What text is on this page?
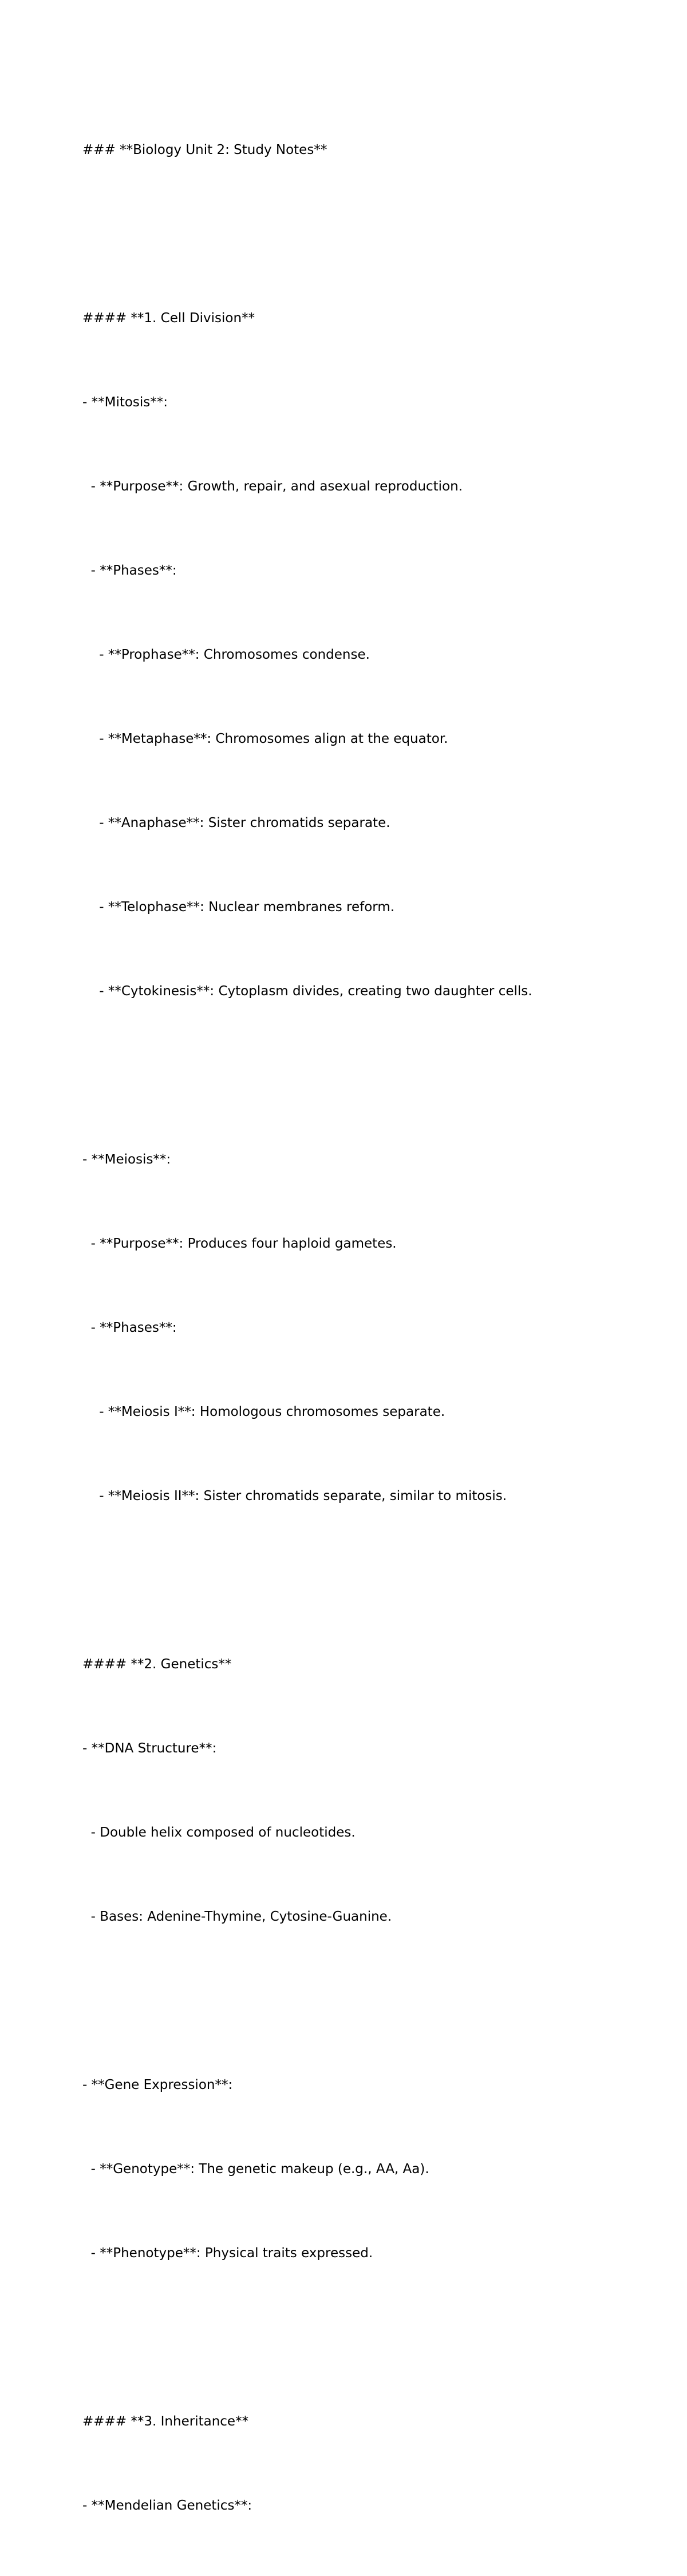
### **Biology Unit 2: Study Notes**

#### **1. Cell Division**

- **Mitosis**:

- **Purpose**: Growth, repair, and asexual reproduction.

- **Phases**:

- **Prophase**: Chromosomes condense.

- **Metaphase**: Chromosomes align at the equator.

- **Anaphase**: Sister chromatids separate.

- **Telophase**: Nuclear membranes reform.

- **Cytokinesis**: Cytoplasm divides, creating two daughter cells.

- **Meiosis**:

- **Purpose**: Produces four haploid gametes.

- **Phases**:

- **Meiosis I**: Homologous chromosomes separate.

- **Meiosis II**: Sister chromatids separate, similar to mitosis.

#### **2. Genetics**

- **DNA Structure**:

- Double helix composed of nucleotides.

- Bases: Adenine-Thymine, Cytosine-Guanine.

- **Gene Expression**:

- **Genotype**: The genetic makeup (e.g., AA, Aa).

- **Phenotype**: Physical traits expressed.

#### **3. Inheritance**

- **Mendelian Genetics**:
